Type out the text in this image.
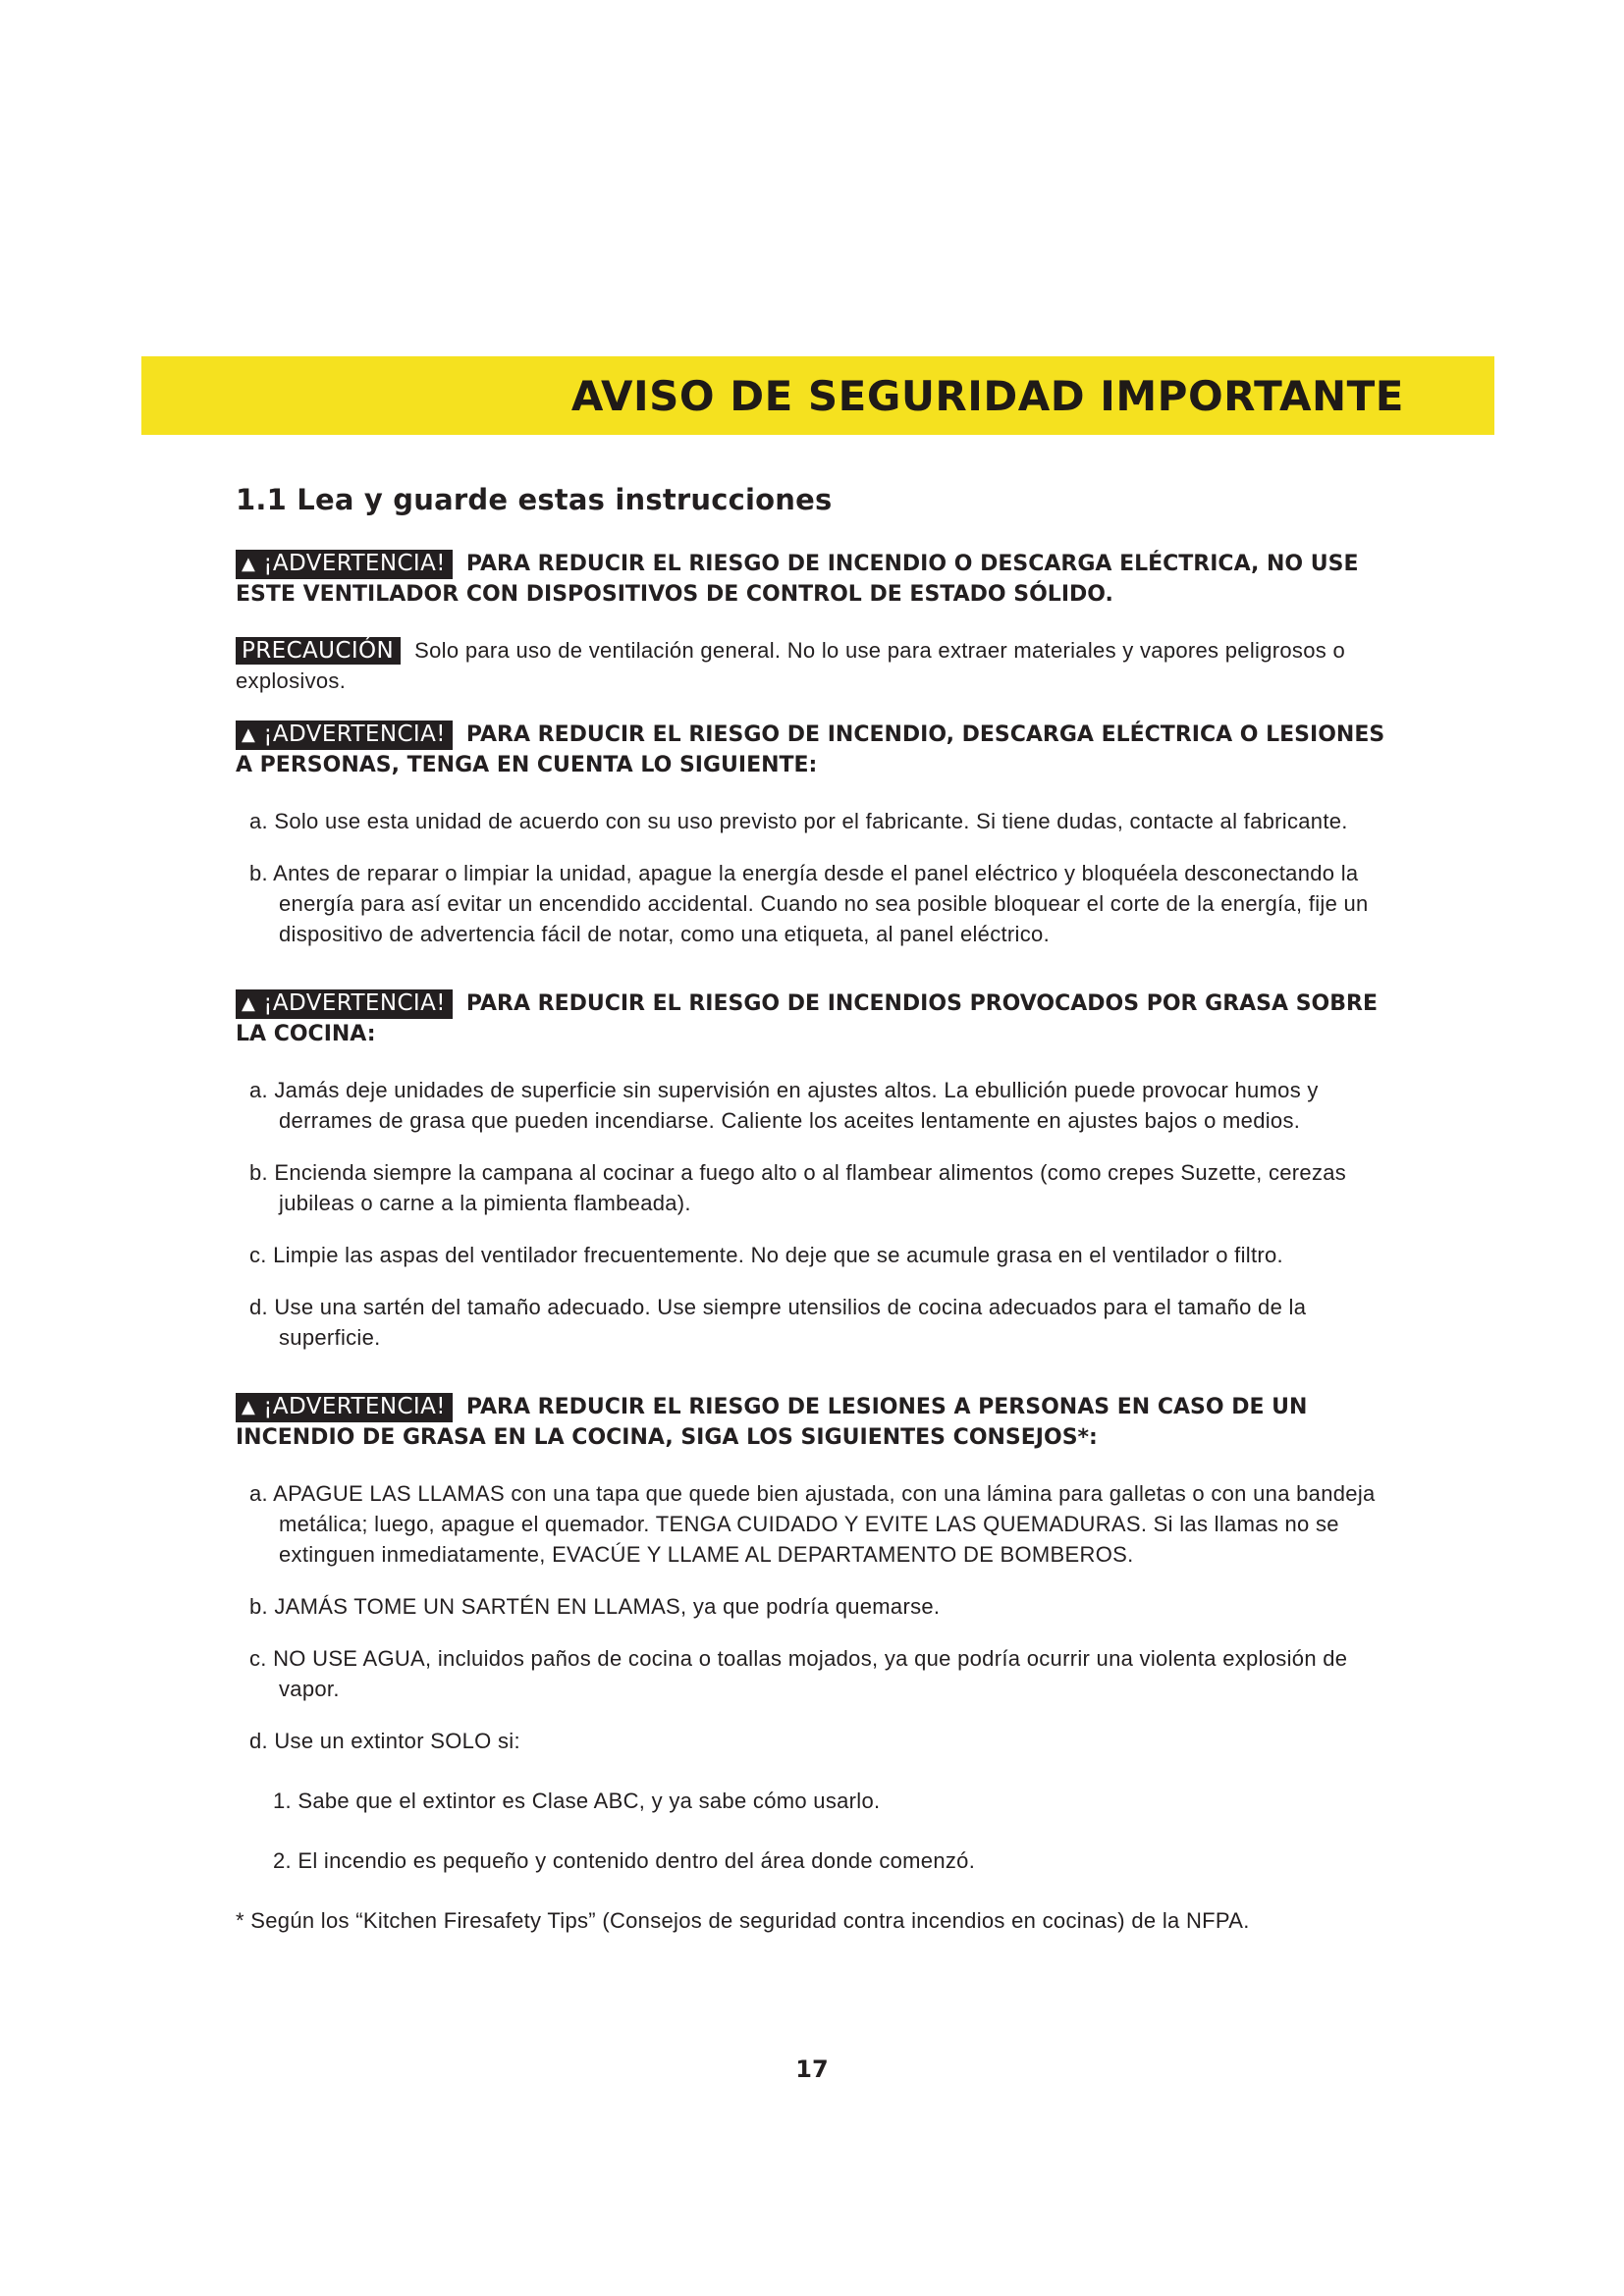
AVISO DE SEGURIDAD IMPORTANTE
1.1 Lea y guarde estas instrucciones
▲ ¡ADVERTENCIA! PARA REDUCIR EL RIESGO DE INCENDIO O DESCARGA ELÉCTRICA, NO USE ESTE VENTILADOR CON DISPOSITIVOS DE CONTROL DE ESTADO SÓLIDO.
PRECAUCIÓN Solo para uso de ventilación general. No lo use para extraer materiales y vapores peligrosos o explosivos.
▲ ¡ADVERTENCIA! PARA REDUCIR EL RIESGO DE INCENDIO, DESCARGA ELÉCTRICA O LESIONES A PERSONAS, TENGA EN CUENTA LO SIGUIENTE:
a. Solo use esta unidad de acuerdo con su uso previsto por el fabricante. Si tiene dudas, contacte al fabricante.
b. Antes de reparar o limpiar la unidad, apague la energía desde el panel eléctrico y bloquéela desconectando la energía para así evitar un encendido accidental. Cuando no sea posible bloquear el corte de la energía, fije un dispositivo de advertencia fácil de notar, como una etiqueta, al panel eléctrico.
▲ ¡ADVERTENCIA! PARA REDUCIR EL RIESGO DE INCENDIOS PROVOCADOS POR GRASA SOBRE LA COCINA:
a. Jamás deje unidades de superficie sin supervisión en ajustes altos. La ebullición puede provocar humos y derrames de grasa que pueden incendiarse. Caliente los aceites lentamente en ajustes bajos o medios.
b. Encienda siempre la campana al cocinar a fuego alto o al flambear alimentos (como crepes Suzette, cerezas jubileas o carne a la pimienta flambeada).
c. Limpie las aspas del ventilador frecuentemente. No deje que se acumule grasa en el ventilador o filtro.
d. Use una sartén del tamaño adecuado. Use siempre utensilios de cocina adecuados para el tamaño de la superficie.
▲ ¡ADVERTENCIA! PARA REDUCIR EL RIESGO DE LESIONES A PERSONAS EN CASO DE UN INCENDIO DE GRASA EN LA COCINA, SIGA LOS SIGUIENTES CONSEJOS*:
a. APAGUE LAS LLAMAS con una tapa que quede bien ajustada, con una lámina para galletas o con una bandeja metálica; luego, apague el quemador. TENGA CUIDADO Y EVITE LAS QUEMADURAS. Si las llamas no se extinguen inmediatamente, EVACÚE Y LLAME AL DEPARTAMENTO DE BOMBEROS.
b. JAMÁS TOME UN SARTÉN EN LLAMAS, ya que podría quemarse.
c. NO USE AGUA, incluidos paños de cocina o toallas mojados, ya que podría ocurrir una violenta explosión de vapor.
d. Use un extintor SOLO si:
1. Sabe que el extintor es Clase ABC, y ya sabe cómo usarlo.
2. El incendio es pequeño y contenido dentro del área donde comenzó.
* Según los “Kitchen Firesafety Tips” (Consejos de seguridad contra incendios en cocinas) de la NFPA.
17
